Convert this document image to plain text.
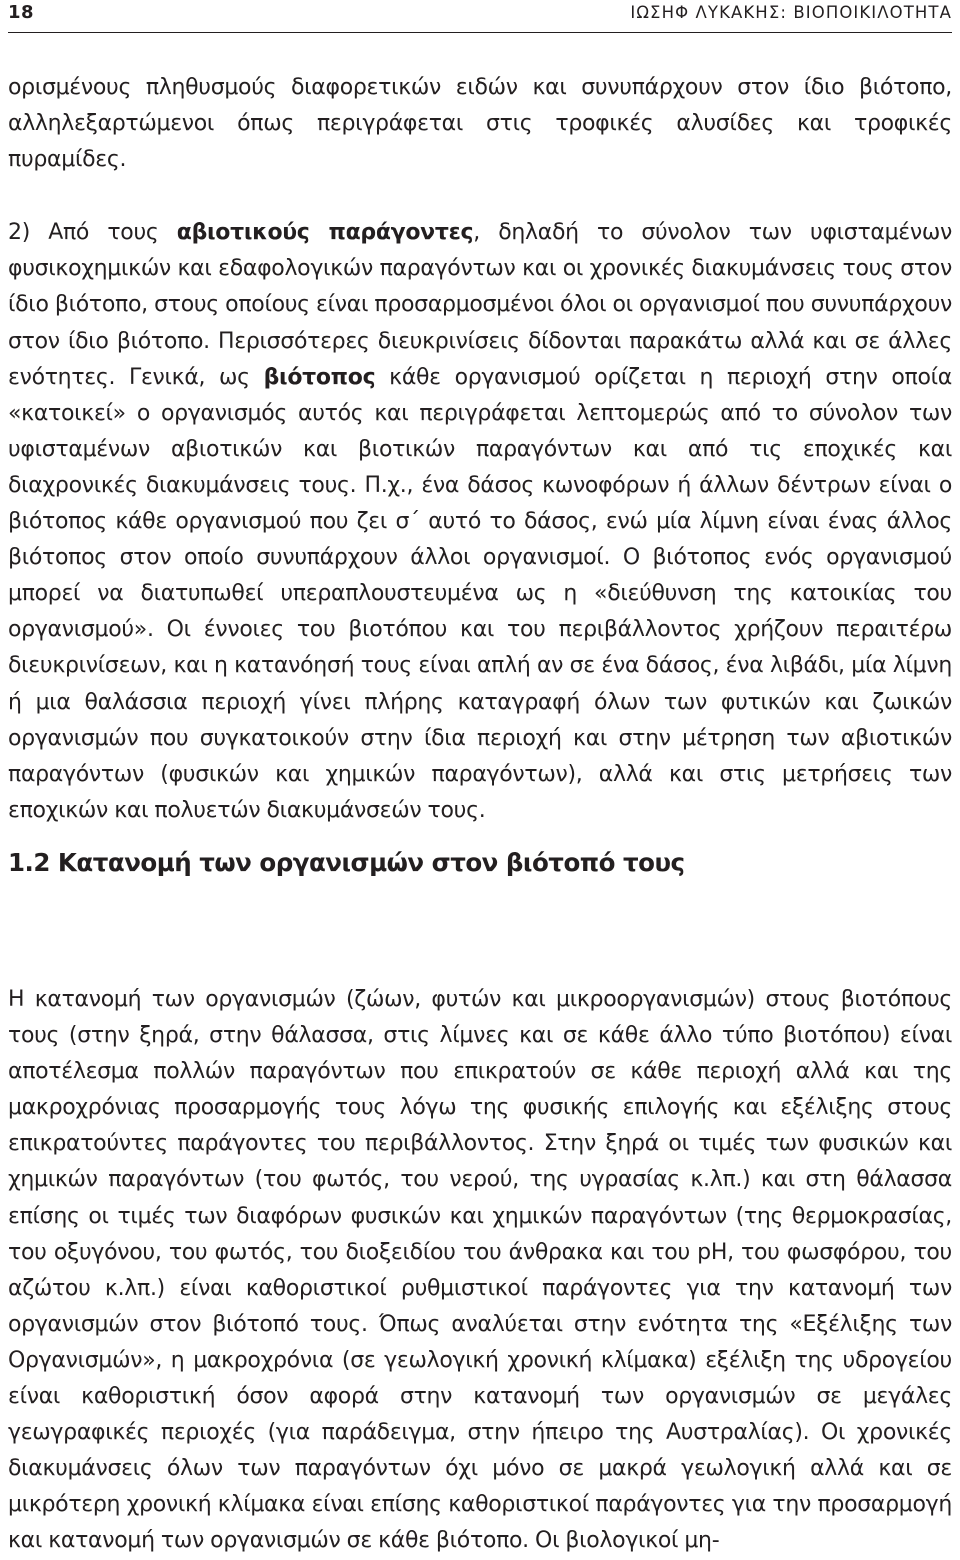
18	ΙΩΣΗΦ ΛΥΚΑΚΗΣ: ΒΙΟΠΟΙΚΙΛΟΤΗΤΑ

ορισμένους πληθυσμούς διαφορετικών ειδών και συνυπάρχουν στον ίδιο βιότοπο, αλληλεξαρτώμενοι όπως περιγράφεται στις τροφικές αλυσίδες και τροφικές πυραμίδες.

2) Από τους αβιοτικούς παράγοντες, δηλαδή το σύνολον των υφισταμένων φυσικοχημικών και εδαφολογικών παραγόντων και οι χρονικές διακυμάνσεις τους στον ίδιο βιότοπο, στους οποίους είναι προσαρμοσμένοι όλοι οι οργανισμοί που συνυπάρχουν στον ίδιο βιότοπο. Περισσότερες διευκρινίσεις δίδονται παρακάτω αλλά και σε άλλες ενότητες. Γενικά, ως βιότοπος κάθε οργανισμού ορίζεται η περιοχή στην οποία «κατοικεί» ο οργανισμός αυτός και περιγράφεται λεπτομερώς από το σύνολον των υφισταμένων αβιοτικών και βιοτικών παραγόντων και από τις εποχικές και διαχρονικές διακυμάνσεις τους. Π.χ., ένα δάσος κωνοφόρων ή άλλων δέντρων είναι ο βιότοπος κάθε οργανισμού που ζει σ΄ αυτό το δάσος, ενώ μία λίμνη είναι ένας άλλος βιότοπος στον οποίο συνυπάρχουν άλλοι οργανισμοί. Ο βιότοπος ενός οργανισμού μπορεί να διατυπωθεί υπεραπλουστευμένα ως η «διεύθυνση της κατοικίας του οργανισμού». Οι έννοιες του βιοτόπου και του περιβάλλοντος χρήζουν περαιτέρω διευκρινίσεων, και η κατανόησή τους είναι απλή αν σε ένα δάσος, ένα λιβάδι, μία λίμνη ή μια θαλάσσια περιοχή γίνει πλήρης καταγραφή όλων των φυτικών και ζωικών οργανισμών που συγκατοικούν στην ίδια περιοχή και στην μέτρηση των αβιοτικών παραγόντων (φυσικών και χημικών παραγόντων), αλλά και στις μετρήσεις των εποχικών και πολυετών διακυμάνσεών τους.

1.2 Κατανομή των οργανισμών στον βιότοπό τους

Η κατανομή των οργανισμών (ζώων, φυτών και μικροοργανισμών) στους βιοτόπους τους (στην ξηρά, στην θάλασσα, στις λίμνες και σε κάθε άλλο τύπο βιοτόπου) είναι αποτέλεσμα πολλών παραγόντων που επικρατούν σε κάθε περιοχή αλλά και της μακροχρόνιας προσαρμογής τους λόγω της φυσικής επιλογής και εξέλιξης στους επικρατούντες παράγοντες του περιβάλλοντος. Στην ξηρά οι τιμές των φυσικών και χημικών παραγόντων (του φωτός, του νερού, της υγρασίας κ.λπ.) και στη θάλασσα επίσης οι τιμές των διαφόρων φυσικών και χημικών παραγόντων (της θερμοκρασίας, του οξυγόνου, του φωτός, του διοξειδίου του άνθρακα και του pH, του φωσφόρου, του αζώτου κ.λπ.) είναι καθοριστικοί ρυθμιστικοί παράγοντες για την κατανομή των οργανισμών στον βιότοπό τους. Όπως αναλύεται στην ενότητα της «Εξέλιξης των Οργανισμών», η μακροχρόνια (σε γεωλογική χρονική κλίμακα) εξέλιξη της υδρογείου είναι καθοριστική όσον αφορά στην κατανομή των οργανισμών σε μεγάλες γεωγραφικές περιοχές (για παράδειγμα, στην ήπειρο της Αυστραλίας). Οι χρονικές διακυμάνσεις όλων των παραγόντων όχι μόνο σε μακρά γεωλογική αλλά και σε μικρότερη χρονική κλίμακα είναι επίσης καθοριστικοί παράγοντες για την προσαρμογή και κατανομή των οργανισμών σε κάθε βιότοπο. Οι βιολογικοί μη-
